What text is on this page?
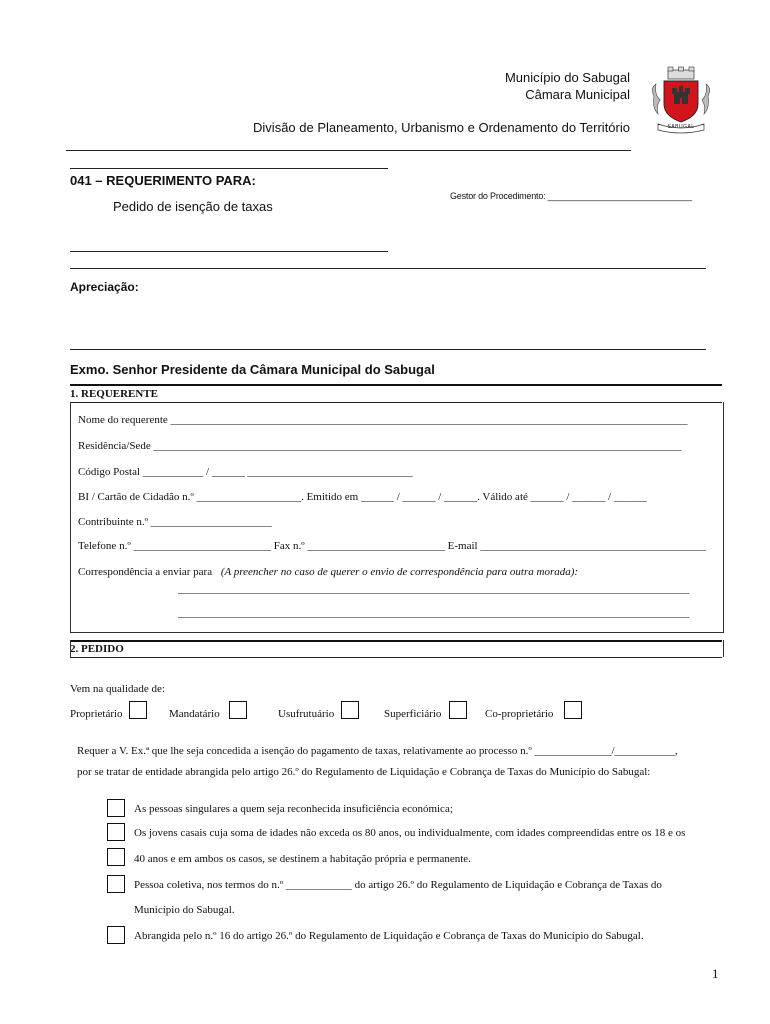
Município do Sabugal
Câmara Municipal
Divisão de Planeamento, Urbanismo e Ordenamento do Território	SABUGAL
041 – REQUERIMENTO PARA:
Pedido de isenção de taxas
Gestor do Procedimento: ______________________________
Apreciação:
Exmo. Senhor Presidente da Câmara Municipal do Sabugal
1. REQUERENTE
Nome do requerente ______________________________________________________________________________________________
Residência/Sede ________________________________________________________________________________________________
Código Postal ___________ / ______ ______________________________
BI / Cartão de Cidadão n.º ___________________. Emitido em ______ / ______ / ______. Válido até ______ / ______ / ______
Contribuinte n.º ______________________
Telefone n.º _________________________ Fax n.º _________________________ E-mail _________________________________________
Correspondência a enviar para (A preencher no caso de querer o envio de correspondência para outra morada):
_____________________________________________________________________________________________
_____________________________________________________________________________________________
2. PEDIDO
Vem na qualidade de:
Proprietário	Mandatário	Usufrutuário	Superficiário	Co-proprietário
Requer a V. Ex.ª que lhe seja concedida a isenção do pagamento de taxas, relativamente ao processo n.º ______________/___________,
por se tratar de entidade abrangida pelo artigo 26.º do Regulamento de Liquidação e Cobrança de Taxas do Município do Sabugal:
As pessoas singulares a quem seja reconhecida insuficiência económica;
Os jovens casais cuja soma de idades não exceda os 80 anos, ou individualmente, com idades compreendidas entre os 18 e os
40 anos e em ambos os casos, se destinem a habitação própria e permanente.
Pessoa coletiva, nos termos do n.º ____________ do artigo 26.º do Regulamento de Liquidação e Cobrança de Taxas do
Município do Sabugal.
Abrangida pelo n.º 16 do artigo 26.º do Regulamento de Liquidação e Cobrança de Taxas do Município do Sabugal.
1
